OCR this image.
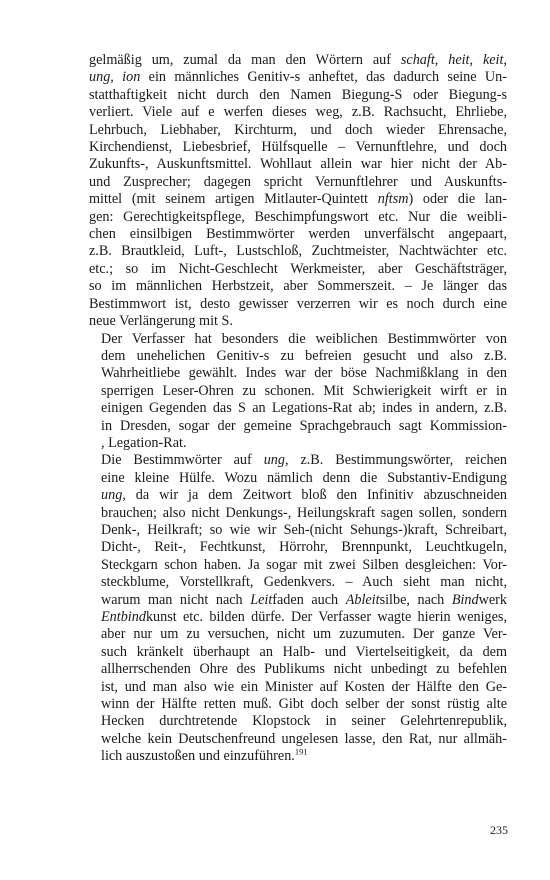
gelmäßig um, zumal da man den Wörtern auf schaft, heit, keit,
ung, ion ein männliches Genitiv-s anheftet, das dadurch seine Un-
statthaftigkeit nicht durch den Namen Biegung-S oder Biegung-s
verliert. Viele auf e werfen dieses weg, z.B. Rachsucht, Ehrliebe,
Lehrbuch, Liebhaber, Kirchturm, und doch wieder Ehrensache,
Kirchendienst, Liebesbrief, Hülfsquelle – Vernunftlehre, und doch
Zukunfts-, Auskunftsmittel. Wohllaut allein war hier nicht der Ab-
und Zusprecher; dagegen spricht Vernunftlehrer und Auskunfts-
mittel (mit seinem artigen Mitlauter-Quintett nftsm) oder die lan-
gen: Gerechtigkeitspflege, Beschimpfungswort etc. Nur die weibli-
chen einsilbigen Bestimmwörter werden unverfälscht angepaart,
z.B. Brautkleid, Luft-, Lustschloß, Zuchtmeister, Nachtwächter etc.
etc.; so im Nicht-Geschlecht Werkmeister, aber Geschäftsträger,
so im männlichen Herbstzeit, aber Sommerszeit. – Je länger das
Bestimmwort ist, desto gewisser verzerren wir es noch durch eine
neue Verlängerung mit S.

Der Verfasser hat besonders die weiblichen Bestimmwörter von
dem unehelichen Genitiv-s zu befreien gesucht und also z.B.
Wahrheitliebe gewählt. Indes war der böse Nachmißklang in den
sperrigen Leser-Ohren zu schonen. Mit Schwierigkeit wirft er in
einigen Gegenden das S an Legations-Rat ab; indes in andern, z.B.
in Dresden, sogar der gemeine Sprachgebrauch sagt Kommission-
, Legation-Rat.

Die Bestimmwörter auf ung, z.B. Bestimmungswörter, reichen
eine kleine Hülfe. Wozu nämlich denn die Substantiv-Endigung
ung, da wir ja dem Zeitwort bloß den Infinitiv abzuschneiden
brauchen; also nicht Denkungs-, Heilungskraft sagen sollen, sondern
Denk-, Heilkraft; so wie wir Seh-(nicht Sehungs-)kraft, Schreibart,
Dicht-, Reit-, Fechtkunst, Hörrohr, Brennpunkt, Leuchtkugeln,
Steckgarn schon haben. Ja sogar mit zwei Silben desgleichen: Vor-
steckblume, Vorstellkraft, Gedenkvers. – Auch sieht man nicht,
warum man nicht nach Leitfaden auch Ableitsilbe, nach Bindwerk
Entbindkunst etc. bilden dürfe. Der Verfasser wagte hierin weniges,
aber nur um zu versuchen, nicht um zuzumuten. Der ganze Ver-
such kränkelt überhaupt an Halb- und Viertelseitigkeit, da dem
allherrschenden Ohre des Publikums nicht unbedingt zu befehlen
ist, und man also wie ein Minister auf Kosten der Hälfte den Ge-
winn der Hälfte retten muß. Gibt doch selber der sonst rüstig alte
Hecken durchtretende Klopstock in seiner Gelehrtenrepublik,
welche kein Deutschenfreund ungelesen lasse, den Rat, nur allmäh-
lich auszustoßen und einzuführen.$^{191}$

235
